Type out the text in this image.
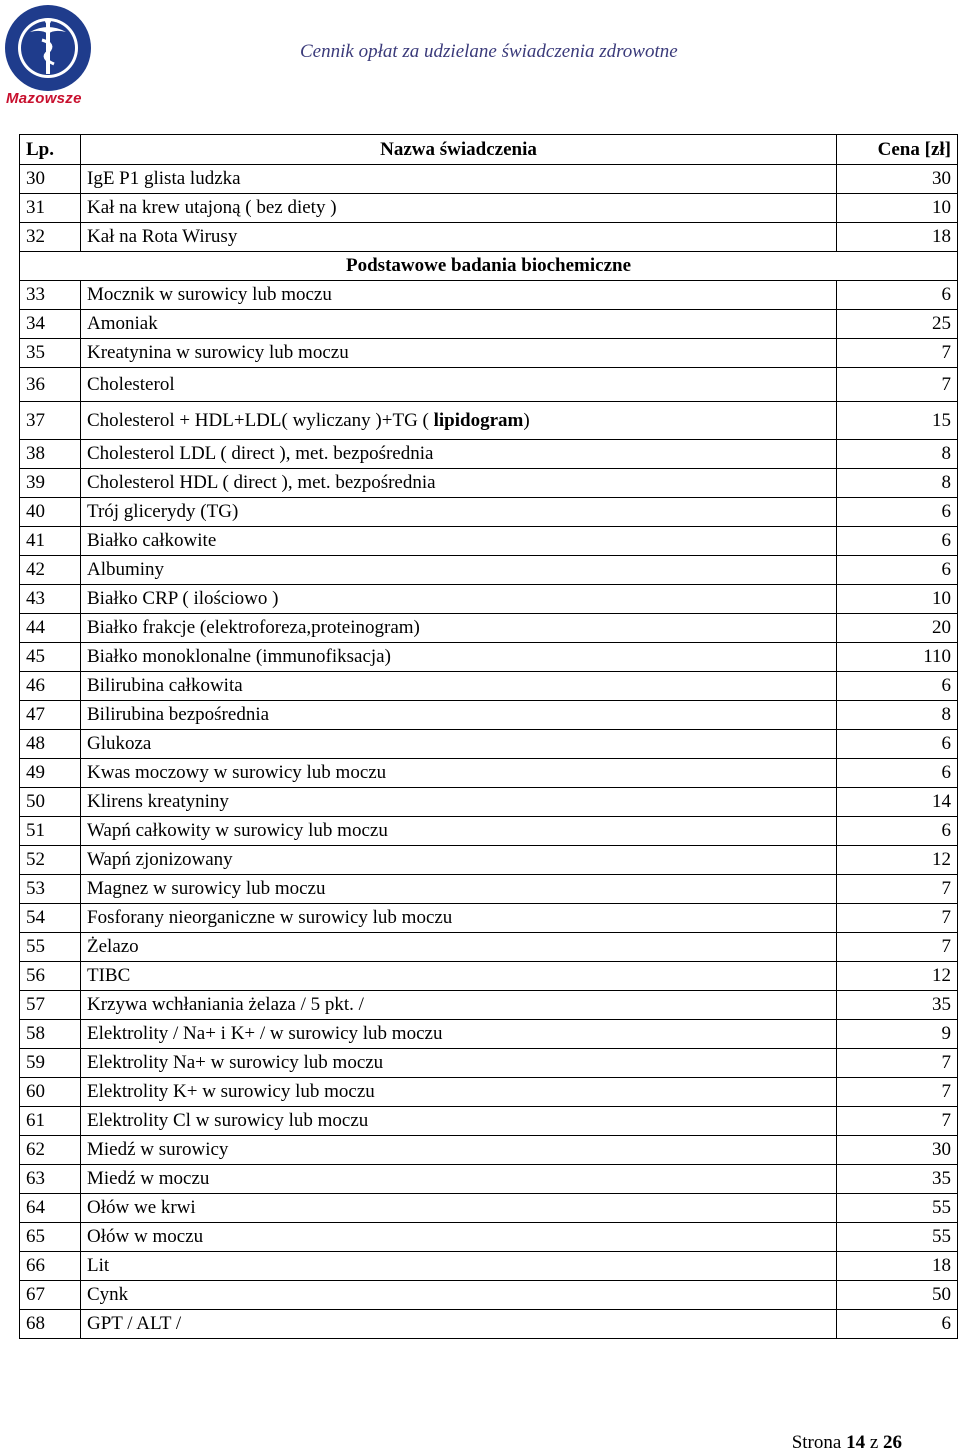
Mazowsze
Cennik opłat za udzielane świadczenia zdrowotne
Lp.	Nazwa świadczenia	Cena [zł]
30	IgE P1 glista ludzka	30
31	Kał na krew utajoną ( bez diety )	10
32	Kał na Rota Wirusy	18
Podstawowe badania biochemiczne		
33	Mocznik w surowicy lub moczu	6
34	Amoniak	25
35	Kreatynina w surowicy lub moczu	7
36	Cholesterol	7
37	Cholesterol + HDL+LDL( wyliczany )+TG ( lipidogram)	15
38	Cholesterol LDL ( direct ), met. bezpośrednia	8
39	Cholesterol HDL ( direct ), met. bezpośrednia	8
40	Trój glicerydy (TG)	6
41	Białko całkowite	6
42	Albuminy	6
43	Białko CRP ( ilościowo )	10
44	Białko frakcje (elektroforeza,proteinogram)	20
45	Białko monoklonalne (immunofiksacja)	110
46	Bilirubina całkowita	6
47	Bilirubina bezpośrednia	8
48	Glukoza	6
49	Kwas moczowy w surowicy lub moczu	6
50	Klirens kreatyniny	14
51	Wapń całkowity w surowicy lub moczu	6
52	Wapń zjonizowany	12
53	Magnez w surowicy lub moczu	7
54	Fosforany nieorganiczne w surowicy lub moczu	7
55	Żelazo	7
56	TIBC	12
57	Krzywa wchłaniania żelaza / 5 pkt. /	35
58	Elektrolity / Na+ i K+ / w surowicy lub moczu	9
59	Elektrolity Na+ w surowicy lub moczu	7
60	Elektrolity K+ w surowicy lub moczu	7
61	Elektrolity Cl w surowicy lub moczu	7
62	Miedź w surowicy	30
63	Miedź w moczu	35
64	Ołów we krwi	55
65	Ołów w moczu	55
66	Lit	18
67	Cynk	50
68	GPT / ALT /	6
Strona 14 z 26
